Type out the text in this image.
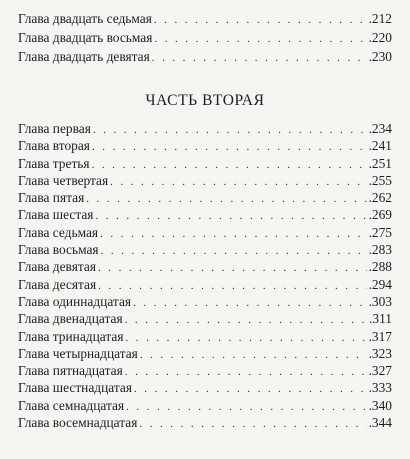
Глава двадцать седьмая . . .	.212
Глава двадцать восьмая . . .	.220
Глава двадцать девятая . . .	.230
ЧАСТЬ ВТОРАЯ
Глава первая . . .	.234
Глава вторая . . .	.241
Глава третья . . .	.251
Глава четвертая . . .	.255
Глава пятая . . .	.262
Глава шестая . . .	.269
Глава седьмая . . .	.275
Глава восьмая . . .	.283
Глава девятая . . .	.288
Глава десятая . . .	.294
Глава одиннадцатая . . .	.303
Глава двенадцатая . . .	.311
Глава тринадцатая . . .	.317
Глава четырнадцатая . . .	.323
Глава пятнадцатая . . .	.327
Глава шестнадцатая . . .	.333
Глава семнадцатая . . .	.340
Глава восемнадцатая . . .	.344
